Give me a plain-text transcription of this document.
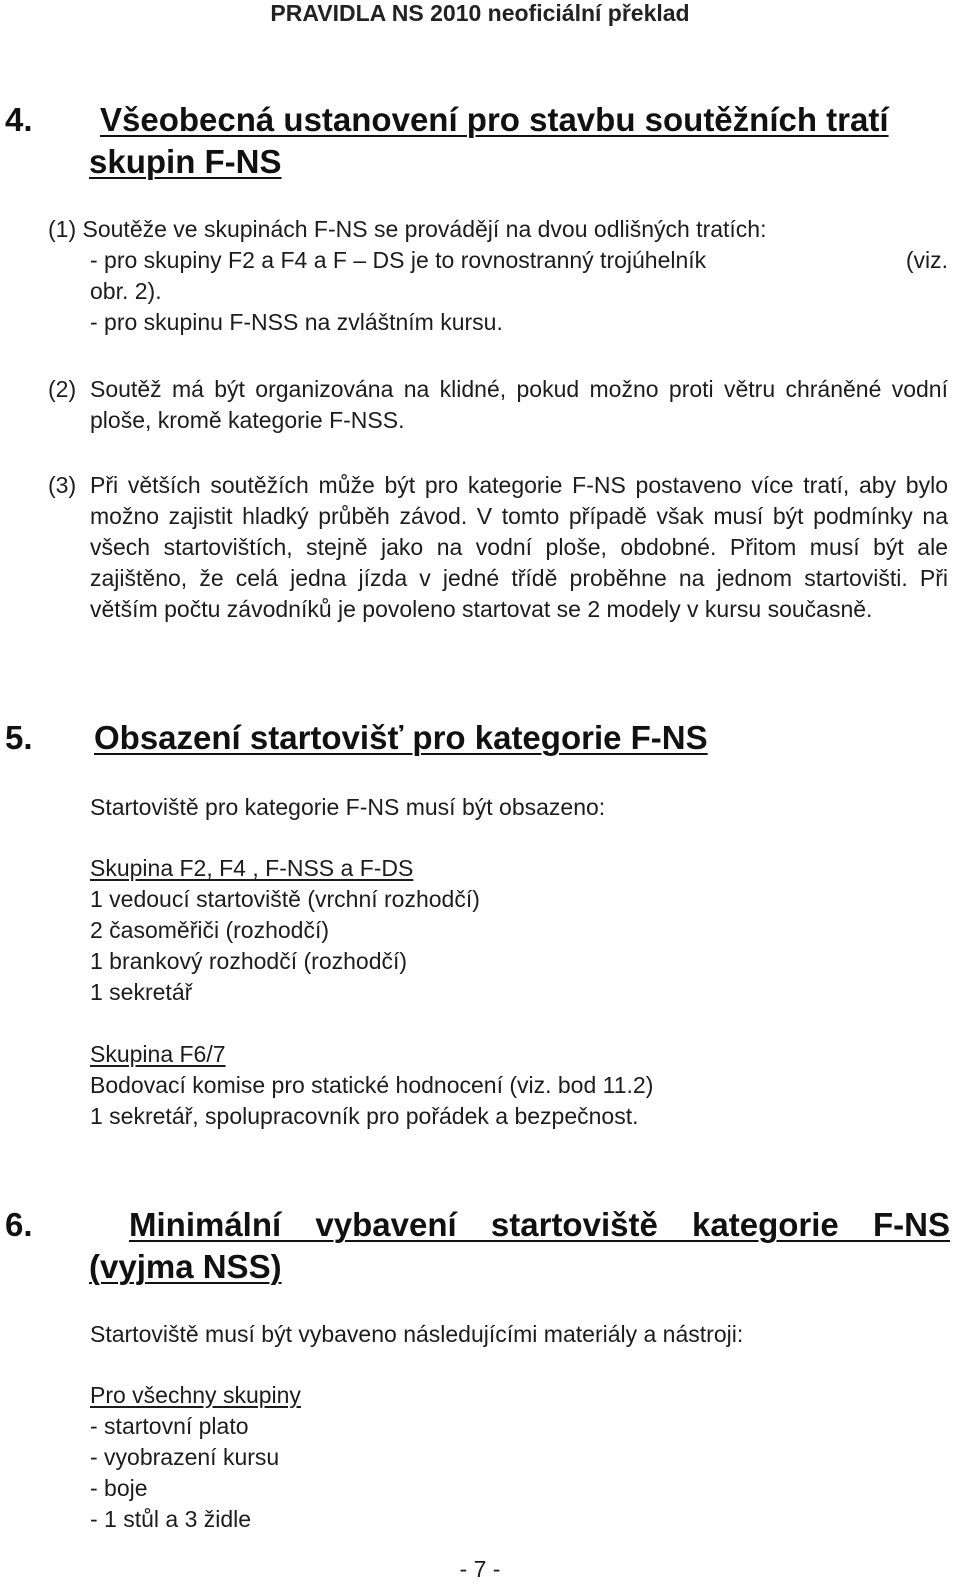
PRAVIDLA NS 2010 neoficiální překlad
4. Všeobecná ustanovení pro stavbu soutěžních tratí
skupin F-NS
(1) Soutěže ve skupinách F-NS se provádějí na dvou odlišných tratích:
- pro skupiny F2 a F4 a F – DS je to rovnostranný trojúhelník	(viz.
obr. 2).
- pro skupinu F-NSS na zvláštním kursu.
(2) Soutěž má být organizována na klidné, pokud možno proti větru chráněné vodní ploše, kromě kategorie F-NSS.
(3) Při větších soutěžích může být pro kategorie F-NS postaveno více tratí, aby bylo možno zajistit hladký průběh závod. V tomto případě však musí být podmínky na všech startovištích, stejně jako na vodní ploše, obdobné. Přitom musí být ale zajištěno, že celá jedna jízda v jedné třídě proběhne na jednom startovišti. Při větším počtu závodníků je povoleno startovat se 2 modely v kursu současně.
5. Obsazení startovišť pro kategorie F-NS
Startoviště pro kategorie F-NS musí být obsazeno:
Skupina F2, F4 , F-NSS a F-DS
1 vedoucí startoviště (vrchní rozhodčí)
2 časoměřiči (rozhodčí)
1 brankový rozhodčí (rozhodčí)
1 sekretář
Skupina F6/7
Bodovací komise pro statické hodnocení (viz. bod 11.2)
1 sekretář, spolupracovník pro pořádek a bezpečnost.
6.	Minimální vybavení startoviště kategorie F-NS
(vyjma NSS)
Startoviště musí být vybaveno následujícími materiály a nástroji:
Pro všechny skupiny
- startovní plato
- vyobrazení kursu
- boje
- 1 stůl a 3 židle
- 7 -
